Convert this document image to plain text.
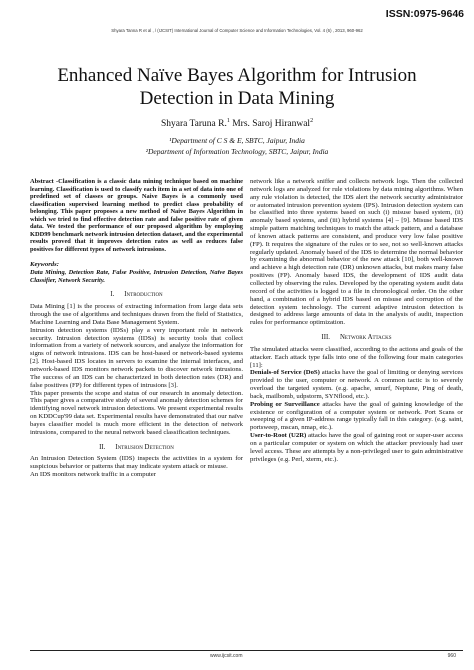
ISSN:0975-9646
Shyara Tanna R et al , / (IJCSIT) International Journal of Computer Science and Information Technologies, Vol. 4 (6) , 2013, 960-962
Enhanced Naïve Bayes Algorithm for Intrusion
Detection in Data Mining
Shyara Taruna R.$^1$ Mrs. Saroj Hiranwal$^2$
¹Department of C S & E, SBTC, Jaipur, India
²Department of Information Technology, SBTC, Jaipur, India

Abstract -Classification is a classic data mining technique based on machine learning. Classification is used to classify each item in a set of data into one of predefined set of classes or groups. Naive Bayes is a commonly used classification supervised learning method to predict class probability of belonging. This paper proposes a new method of Naive Bayes Algorithm in which we tried to find effective detection rate and false positive rate of given data. We tested the performance of our proposed algorithm by employing KDD99 benchmark network intrusion detection dataset, and the experimental results proved that it improves detection rates as well as reduces false positives for different types of network intrusions.

Keywords:

Data Mining, Detection Rate, False Positive, Intrusion Detection, Naïve Bayes Classifier, Network Security.

I. Introduction

Data Mining [1] is the process of extracting information from large data sets through the use of algorithms and techniques drawn from the field of Statistics, Machine Learning and Data Base Management System.

Intrusion detection systems (IDSs) play a very important role in network security. Intrusion detection systems (IDSs) is security tools that collect information from a variety of network sources, and analyze the information for signs of network intrusions. IDS can be host-based or network-based systems [2]. Host-based IDS locates in servers to examine the internal interfaces, and network-based IDS monitors network packets to discover network intrusions. The success of an IDS can be characterized in both detection rates (DR) and false positives (FP) for different types of intrusions [3].

This paper presents the scope and status of our research in anomaly detection. This paper gives a comparative study of several anomaly detection schemes for identifying novel network intrusion detections. We present experimental results on KDDCup'99 data set. Experimental results have demonstrated that our naïve bayes classifier model is much more efficient in the detection of network intrusions, compared to the neural network based classification techniques.

II. Intrusion Detection

An Intrusion Detection System (IDS) inspects the activities in a system for suspicious behavior or patterns that may indicate system attack or misuse.

An IDS monitors network traffic in a computer

network like a network sniffer and collects network logs. Then the collected network logs are analyzed for rule violations by data mining algorithms. When any rule violation is detected, the IDS alert the network security administrator or automated intrusion prevention system (IPS). Intrusion detection system can be classified into three systems based on such (i) misuse based system, (ii) anomaly based systems, and (iii) hybrid systems [4] – [9]. Misuse based IDS simple pattern matching techniques to match the attack pattern, and a database of known attack patterns are consistent, and produce very low false positive (FP). It requires the signature of the rules or to see, not so well-known attacks regularly updated. Anomaly based of the IDS to determine the normal behavior by examining the abnormal behavior of the new attack [10], both well-known and achieve a high detection rate (DR) unknown attacks, but makes many false positives (FP). Anomaly based IDS, the development of IDS audit data collected by observing the rules. Developed by the operating system audit data record of the activities is logged to a file in chronological order. On the other hand, a combination of a hybrid IDS based on misuse and corruption of the detection system technology. The current adaptive intrusion detection is designed to address large amounts of data in the analysis of audit, inspection rules for performance optimization.

III. Network Attacks

The simulated attacks were classified, according to the actions and goals of the attacker. Each attack type falls into one of the following four main categories [11]:

Denials-of Service (DoS) attacks have the goal of limiting or denying services provided to the user, computer or network. A common tactic is to severely overload the targeted system. (e.g. apache, smurf, Neptune, Ping of death, back, mailbomb, udpstorm, SYNflood, etc.).

Probing or Surveillance attacks have the goal of gaining knowledge of the existence or configuration of a computer system or network. Port Scans or sweeping of a given IP-address range typically fall in this category. (e.g. saint, portsweep, mscan, nmap, etc.).

User-to-Root (U2R) attacks have the goal of gaining root or super-user access on a particular computer or system on which the attacker previously had user level access. These are attempts by a non-privileged user to gain administrative privileges (e.g. Perl, xterm, etc.).

www.ijcsit.com	960
